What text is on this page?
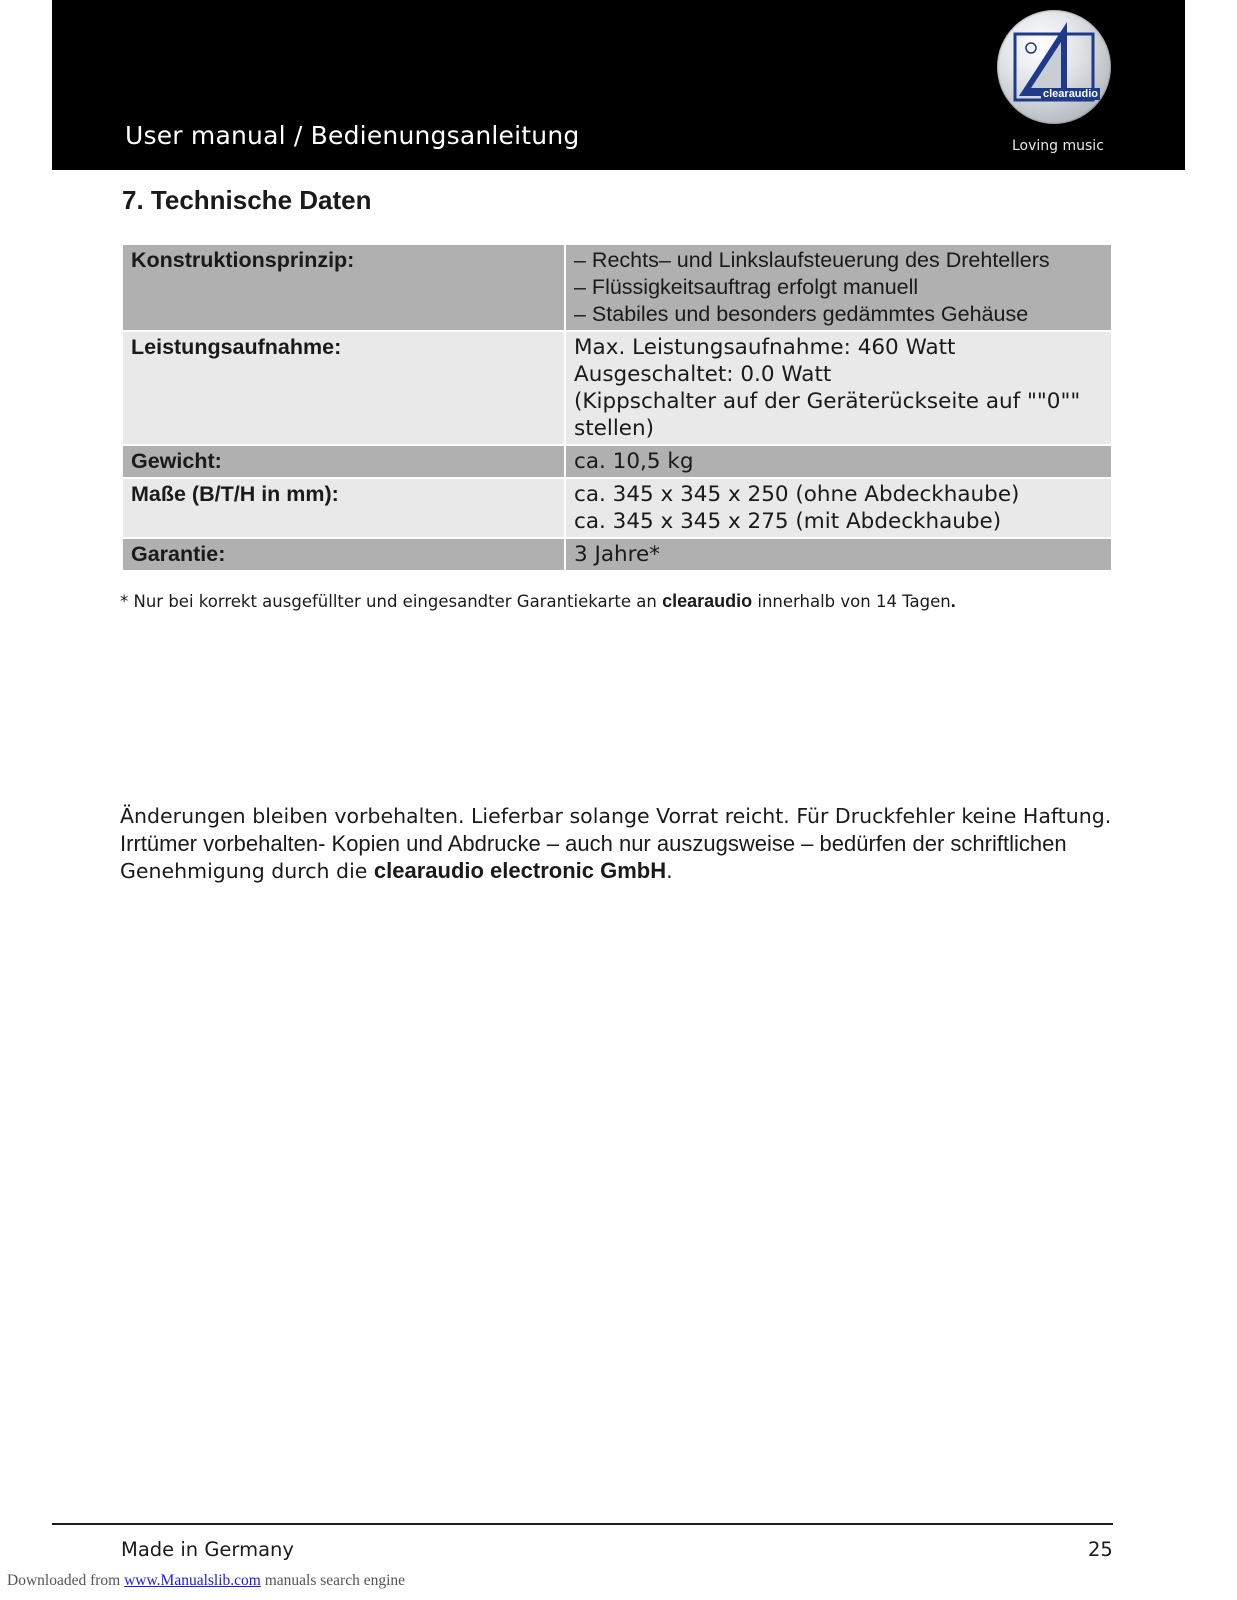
User manual / Bedienungsanleitung
clearaudio
Loving music
7. Technische Daten
Konstruktionsprinzip:	– Rechts– und Linkslaufsteuerung des Drehtellers
– Flüssigkeitsauftrag erfolgt manuell
– Stabiles und besonders gedämmtes Gehäuse

Leistungsaufnahme:	Max. Leistungsaufnahme: 460 Watt
Ausgeschaltet: 0.0 Watt
(Kippschalter auf der Geräterückseite auf ""0""
stellen)

Gewicht:	ca. 10,5 kg

Maße (B/T/H in mm):	ca. 345 x 345 x 250 (ohne Abdeckhaube)
ca. 345 x 345 x 275 (mit Abdeckhaube)

Garantie:	3 Jahre*
* Nur bei korrekt ausgefüllter und eingesandter Garantiekarte an clearaudio innerhalb von 14 Tagen.
Änderungen bleiben vorbehalten. Lieferbar solange Vorrat reicht. Für Druckfehler keine Haftung.
Irrtümer vorbehalten- Kopien und Abdrucke – auch nur auszugsweise – bedürfen der schriftlichen
Genehmigung durch die clearaudio electronic GmbH.
Made in Germany	25
Downloaded from www.Manualslib.com manuals search engine
